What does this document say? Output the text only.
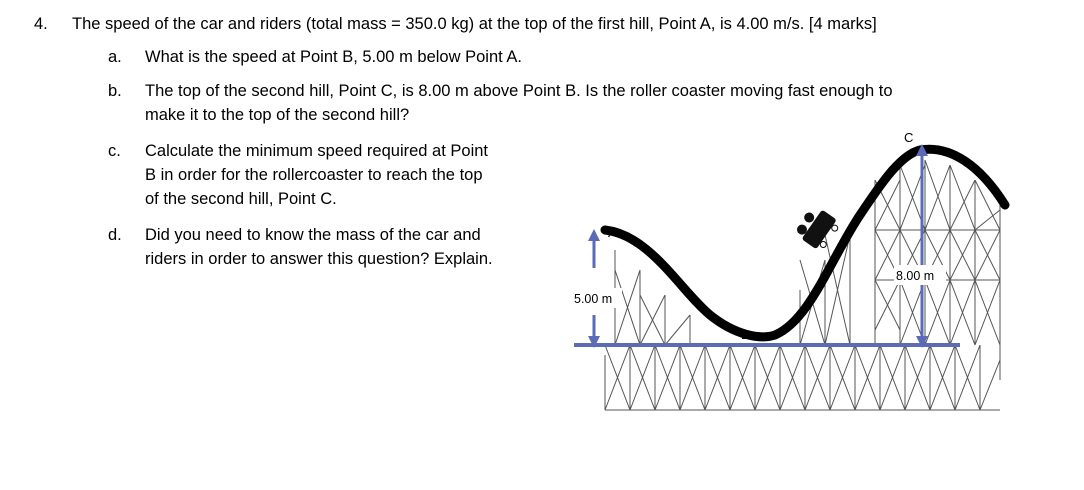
4. The speed of the car and riders (total mass = 350.0 kg) at the top of the first hill, Point A, is 4.00 m/s. [4 marks]
a. What is the speed at Point B, 5.00 m below Point A.
b. The top of the second hill, Point C, is 8.00 m above Point B. Is the roller coaster moving fast enough to
make it to the top of the second hill?
c. Calculate the minimum speed required at Point
B in order for the rollercoaster to reach the top
of the second hill, Point C.
d. Did you need to know the mass of the car and
riders in order to answer this question? Explain.
A
B
C
5.00 m
8.00 m
